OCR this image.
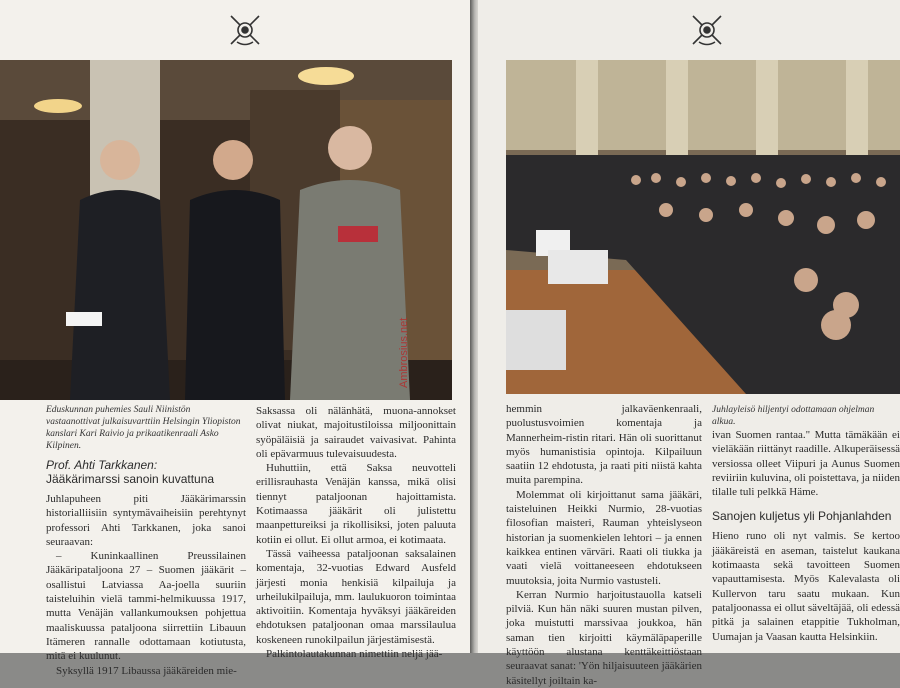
Ambrosius.net
Eduskunnan puhemies Sauli Niinistön vastaanottivat julkaisuvarttiin Helsingin Yliopiston kanslari Kari Raivio ja prikaatikenraali Asko Kilpinen.
Prof. Ahti Tarkkanen:
Jääkärimarssi sanoin kuvattuna

Juhlapuheen piti Jääkärimarssin historialliisiin syntymävaiheisiin perehtynyt professori Ahti Tarkkanen, joka sanoi seuraavan:

– Kuninkaallinen Preussilainen Jääkäripataljoona 27 – Suomen jääkärit – osallistui Latviassa Aa-joella suuriin taisteluihin vielä tammi-helmikuussa 1917, mutta Venäjän vallankumouksen pohjettua maaliskuussa pataljoona siirrettiin Libauun Itämeren rannalle odottamaan kotiutusta, mitä ei kuulunut.

Syksyllä 1917 Libaussa jääkäreiden mie-

Saksassa oli nälänhätä, muona-annokset olivat niukat, majoitustiloissa miljoonittain syöpäläisiä ja sairaudet vaivasivat. Pahinta oli epävarmuus tulevaisuudesta.

Huhuttiin, että Saksa neuvotteli erillisrauhasta Venäjän kanssa, mikä olisi tiennyt pataljoonan hajoittamista. Kotimaassa jääkärit oli julistettu maanpettureiksi ja rikollisiksi, joten paluuta kotiin ei ollut. Ei ollut armoa, ei kotimaata.

Tässä vaiheessa pataljoonan saksalainen komentaja, 32-vuotias Edward Ausfeld järjesti monia henkisiä kilpailuja ja urheilukilpailuja, mm. laulukuoron toimintaa aktivoitiin. Komentaja hyväksyi jääkäreiden ehdotuksen pataljoonan omaa marssilaulua koskeneen runokilpailun järjestämisestä.

Palkintolautakunnan nimettiin neljä jää-

hemmin jalkaväenkenraali, puolustusvoimien komentaja ja Mannerheim-ristin ritari. Hän oli suorittanut myös humanistisia opintoja. Kilpailuun saatiin 12 ehdotusta, ja raati piti niistä kahta muita parempina.

Molemmat oli kirjoittanut sama jääkäri, taisteluinen Heikki Nurmio, 28-vuotias filosofian maisteri, Rauman yhteislyseon historian ja suomenkielen lehtori – ja ennen kaikkea entinen värväri. Raati oli tiukka ja vaati vielä voittaneeseen ehdotukseen muutoksia, joita Nurmio vastusteli.

Kerran Nurmio harjoitustauolla katseli pilviä. Kun hän näki suuren mustan pilven, joka muistutti marssivaa joukkoa, hän saman tien kirjoitti käymäläpaperille käyttöön alustana kenttäkeittiöstaan seuraavat sanat: 'Yön hiljaisuuteen jääkärien käsitellyt joiltain ka-

Juhlayleisö hiljentyi odottamaan ohjelman alkua.

ivan Suomen rantaa." Mutta tämäkään ei vieläkään riittänyt raadille. Alkuperäisessä versiossa olleet Viipuri ja Aunus Suomen reviiriin kuluvina, oli poistettava, ja niiden tilalle tuli pelkkä Häme.

Sanojen kuljetus yli Pohjanlahden

Hieno runo oli nyt valmis. Se kertoo jääkäreistä en aseman, taistelut kaukana kotimaasta sekä tavoitteen Suomen vapauttamisesta. Myös Kalevalasta oli Kullervon taru saatu mukaan. Kun pataljoonassa ei ollut säveltäjää, oli edessä pitkä ja salainen etappitie Tukholman, Uumajan ja Vaasan kautta Helsinkiin.
